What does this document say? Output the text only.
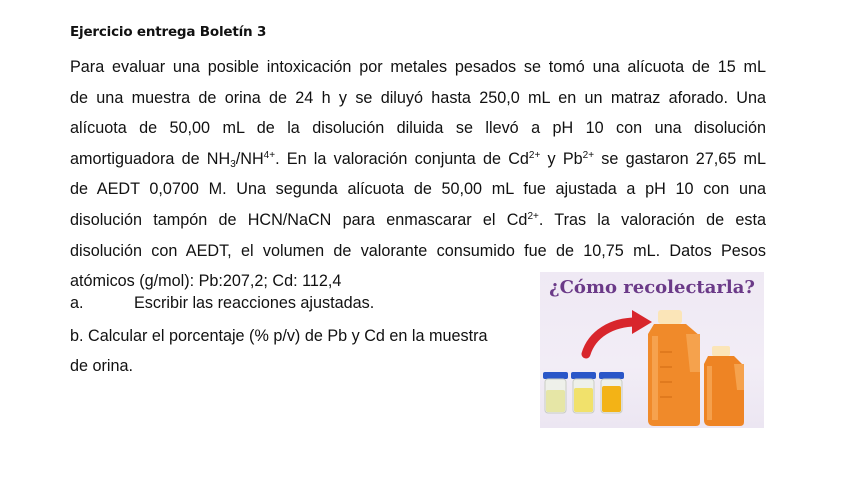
Ejercicio entrega Boletín 3
Para evaluar una posible intoxicación por metales pesados se tomó una alícuota de 15 mL
de una muestra de orina de 24 h y se diluyó hasta 250,0 mL en un matraz aforado. Una
alícuota de 50,00 mL de la disolución diluida se llevó a pH 10 con una disolución
amortiguadora de $NH_3/NH^{4+}$. En la valoración conjunta de $Cd^{2+}$ y $Pb^{2+}$ se gastaron 27,65 mL
de AEDT 0,0700 M. Una segunda alícuota de 50,00 mL fue ajustada a pH 10 con una
disolución tampón de HCN/NaCN para enmascarar el $Cd^{2+}$. Tras la valoración de esta
disolución con AEDT, el volumen de valorante consumido fue de 10,75 mL. Datos Pesos
atómicos (g/mol): Pb:207,2; Cd: 112,4
a.	Escribir las reacciones ajustadas.
b. Calcular el porcentaje (% p/v) de Pb y Cd en la muestra
de orina.
¿Cómo recolectarla?
